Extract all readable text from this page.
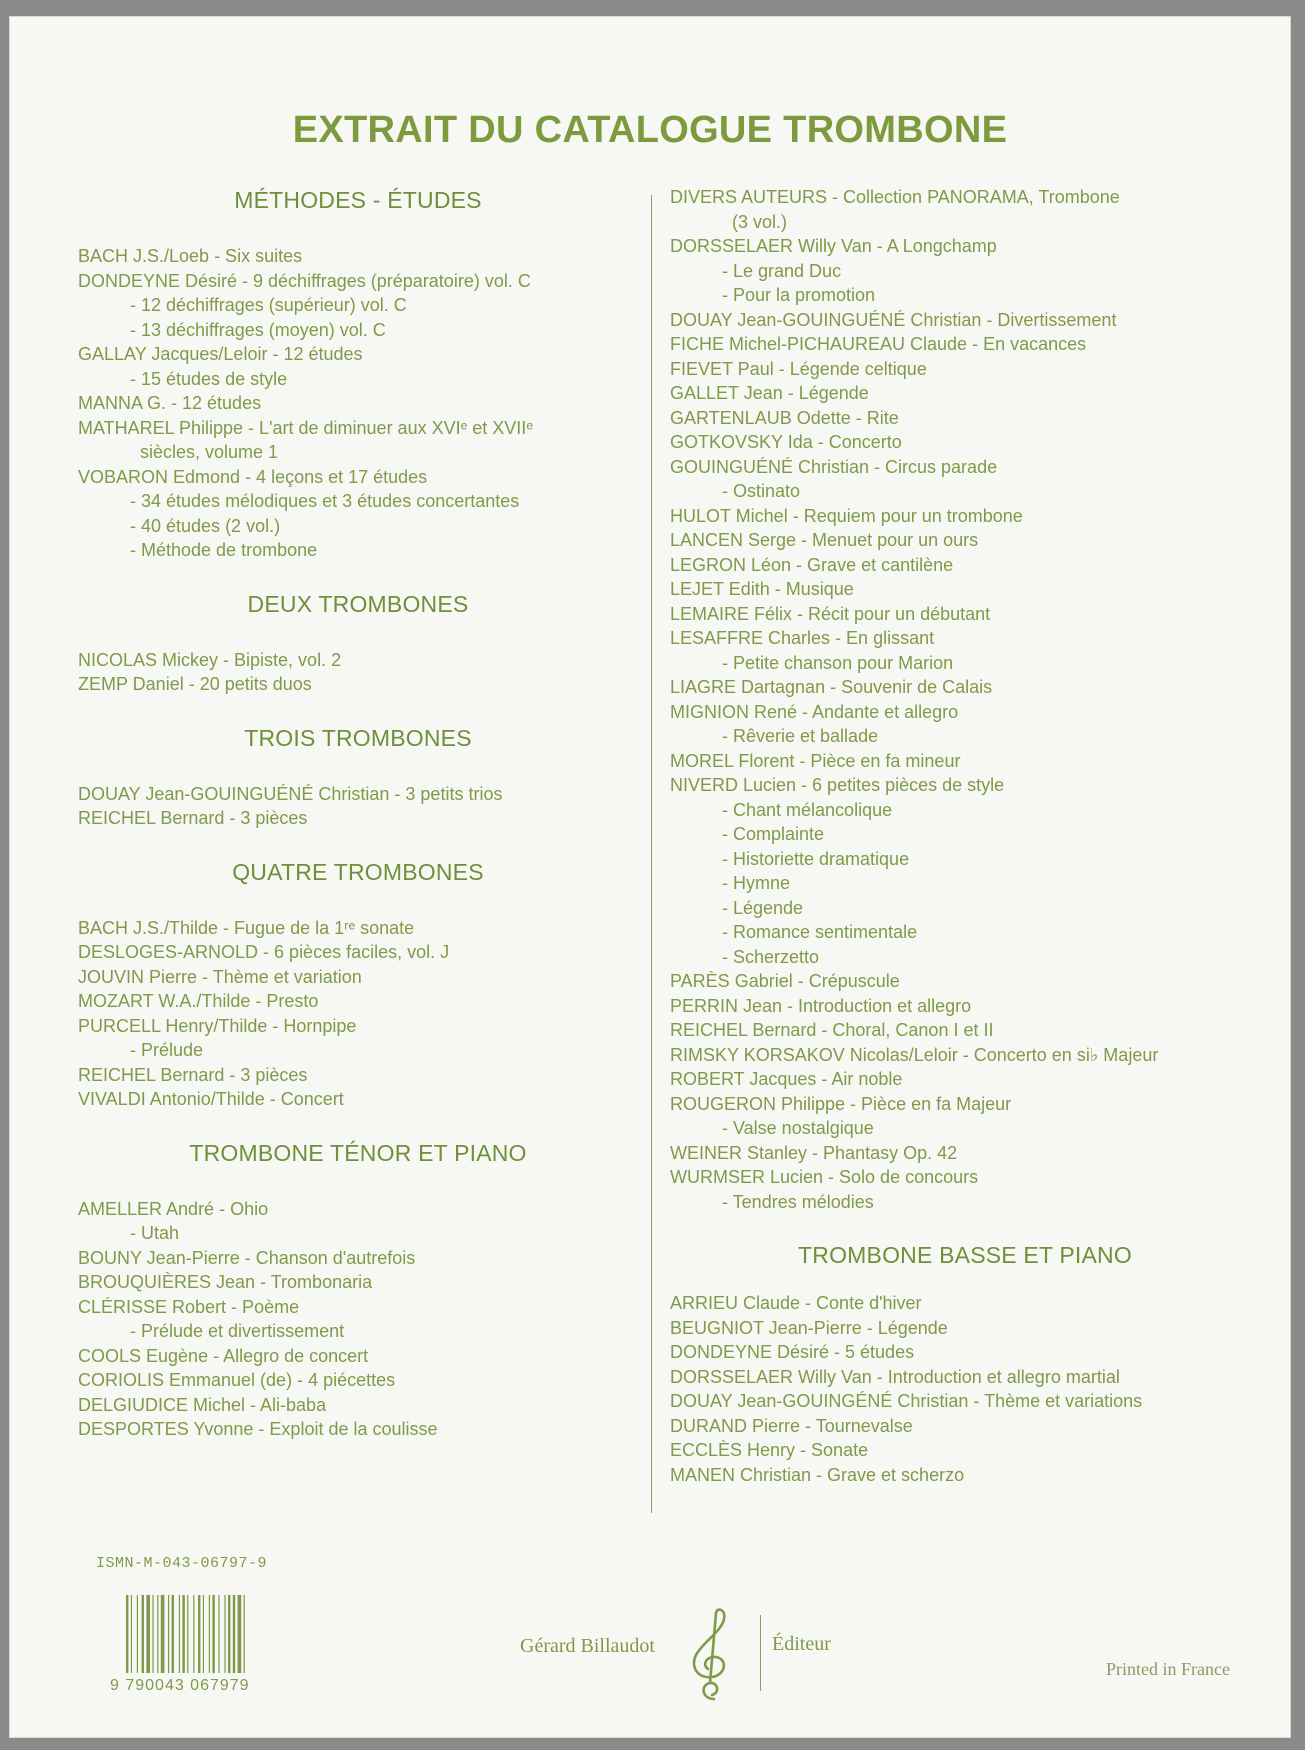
EXTRAIT DU CATALOGUE TROMBONE
MÉTHODES - ÉTUDES
BACH J.S./Loeb - Six suites
DONDEYNE Désiré - 9 déchiffrages (préparatoire) vol. C
- 12 déchiffrages (supérieur) vol. C
- 13 déchiffrages (moyen) vol. C
GALLAY Jacques/Leloir - 12 études
- 15 études de style
MANNA G. - 12 études
MATHAREL Philippe - L'art de diminuer aux XVIᵉ et XVIIᵉ
siècles, volume 1
VOBARON Edmond - 4 leçons et 17 études
- 34 études mélodiques et 3 études concertantes
- 40 études (2 vol.)
- Méthode de trombone
DEUX TROMBONES
NICOLAS Mickey - Bipiste, vol. 2
ZEMP Daniel - 20 petits duos
TROIS TROMBONES
DOUAY Jean-GOUINGUÉNÉ Christian - 3 petits trios
REICHEL Bernard - 3 pièces
QUATRE TROMBONES
BACH J.S./Thilde - Fugue de la 1ʳᵉ sonate
DESLOGES-ARNOLD - 6 pièces faciles, vol. J
JOUVIN Pierre - Thème et variation
MOZART W.A./Thilde - Presto
PURCELL Henry/Thilde - Hornpipe
- Prélude
REICHEL Bernard - 3 pièces
VIVALDI Antonio/Thilde - Concert
TROMBONE TÉNOR ET PIANO
AMELLER André - Ohio
- Utah
BOUNY Jean-Pierre - Chanson d'autrefois
BROUQUIÈRES Jean - Trombonaria
CLÉRISSE Robert - Poème
- Prélude et divertissement
COOLS Eugène - Allegro de concert
CORIOLIS Emmanuel (de) - 4 piécettes
DELGIUDICE Michel - Ali-baba
DESPORTES Yvonne - Exploit de la coulisse
DIVERS AUTEURS - Collection PANORAMA, Trombone
(3 vol.)
DORSSELAER Willy Van - A Longchamp
- Le grand Duc
- Pour la promotion
DOUAY Jean-GOUINGUÉNÉ Christian - Divertissement
FICHE Michel-PICHAUREAU Claude - En vacances
FIEVET Paul - Légende celtique
GALLET Jean - Légende
GARTENLAUB Odette - Rite
GOTKOVSKY Ida - Concerto
GOUINGUÉNÉ Christian - Circus parade
- Ostinato
HULOT Michel - Requiem pour un trombone
LANCEN Serge - Menuet pour un ours
LEGRON Léon - Grave et cantilène
LEJET Edith - Musique
LEMAIRE Félix - Récit pour un débutant
LESAFFRE Charles - En glissant
- Petite chanson pour Marion
LIAGRE Dartagnan - Souvenir de Calais
MIGNION René - Andante et allegro
- Rêverie et ballade
MOREL Florent - Pièce en fa mineur
NIVERD Lucien - 6 petites pièces de style
- Chant mélancolique
- Complainte
- Historiette dramatique
- Hymne
- Légende
- Romance sentimentale
- Scherzetto
PARÈS Gabriel - Crépuscule
PERRIN Jean - Introduction et allegro
REICHEL Bernard - Choral, Canon I et II
RIMSKY KORSAKOV Nicolas/Leloir - Concerto en si♭ Majeur
ROBERT Jacques - Air noble
ROUGERON Philippe - Pièce en fa Majeur
- Valse nostalgique
WEINER Stanley - Phantasy Op. 42
WURMSER Lucien - Solo de concours
- Tendres mélodies
TROMBONE BASSE ET PIANO
ARRIEU Claude - Conte d'hiver
BEUGNIOT Jean-Pierre - Légende
DONDEYNE Désiré - 5 études
DORSSELAER Willy Van - Introduction et allegro martial
DOUAY Jean-GOUINGÉNÉ Christian - Thème et variations
DURAND Pierre - Tournevalse
ECCLÈS Henry - Sonate
MANEN Christian - Grave et scherzo
ISMN-M-043-06797-9
9 790043 067979
Gérard Billaudot	Éditeur
Printed in France
